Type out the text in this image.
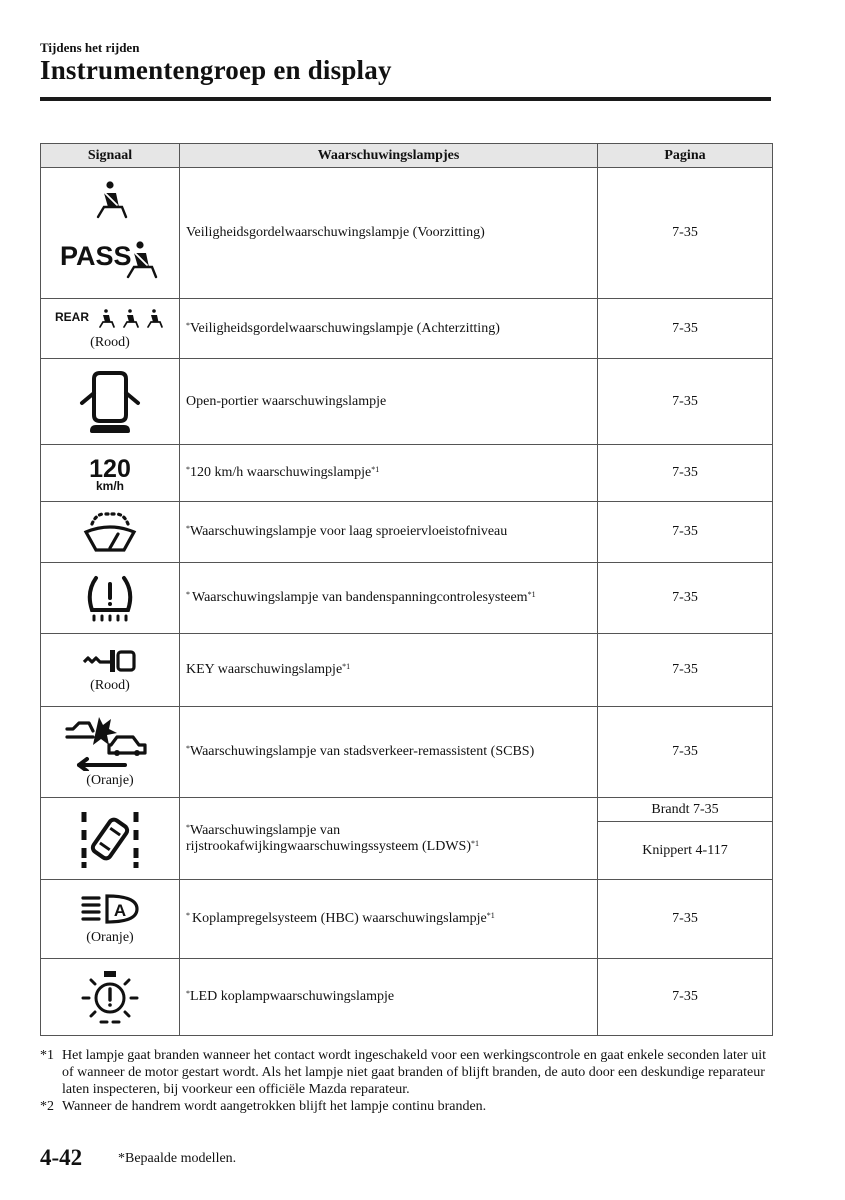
Tijdens het rijden
Instrumentengroep en display
Signaal	Waarschuwingslampjes	Pagina

PASS	Veiligheidsgordelwaarschuwingslampje (Voorzitting)	7-35

REAR
(Rood)	*Veiligheidsgordelwaarschuwingslampje (Achterzitting)	7-35

	Open-portier waarschuwingslampje	7-35

120
km/h	*120 km/h waarschuwingslampje$^{*1}$	7-35

	*Waarschuwingslampje voor laag sproeiervloeistofniveau	7-35

	* Waarschuwingslampje van bandenspanningcontrolesysteem$^{*1}$	7-35

(Rood)	KEY waarschuwingslampje$^{*1}$	7-35

(Oranje)	*Waarschuwingslampje van stadsverkeer-remassistent (SCBS)	7-35

	*Waarschuwingslampje van
rijstrookafwijkingwaarschuwingssysteem (LDWS)$^{*1}$	Brandt 7-35
		Knippert 4-117

A
(Oranje)	* Koplampregelsysteem (HBC) waarschuwingslampje$^{*1}$	7-35

	*LED koplampwaarschuwingslampje	7-35
*1 Het lampje gaat branden wanneer het contact wordt ingeschakeld voor een werkingscontrole en gaat enkele seconden later uit of wanneer de motor gestart wordt. Als het lampje niet gaat branden of blijft branden, de auto door een deskundige reparateur laten inspecteren, bij voorkeur een officiële Mazda reparateur.
*2 Wanneer de handrem wordt aangetrokken blijft het lampje continu branden.
4-42	*Bepaalde modellen.
